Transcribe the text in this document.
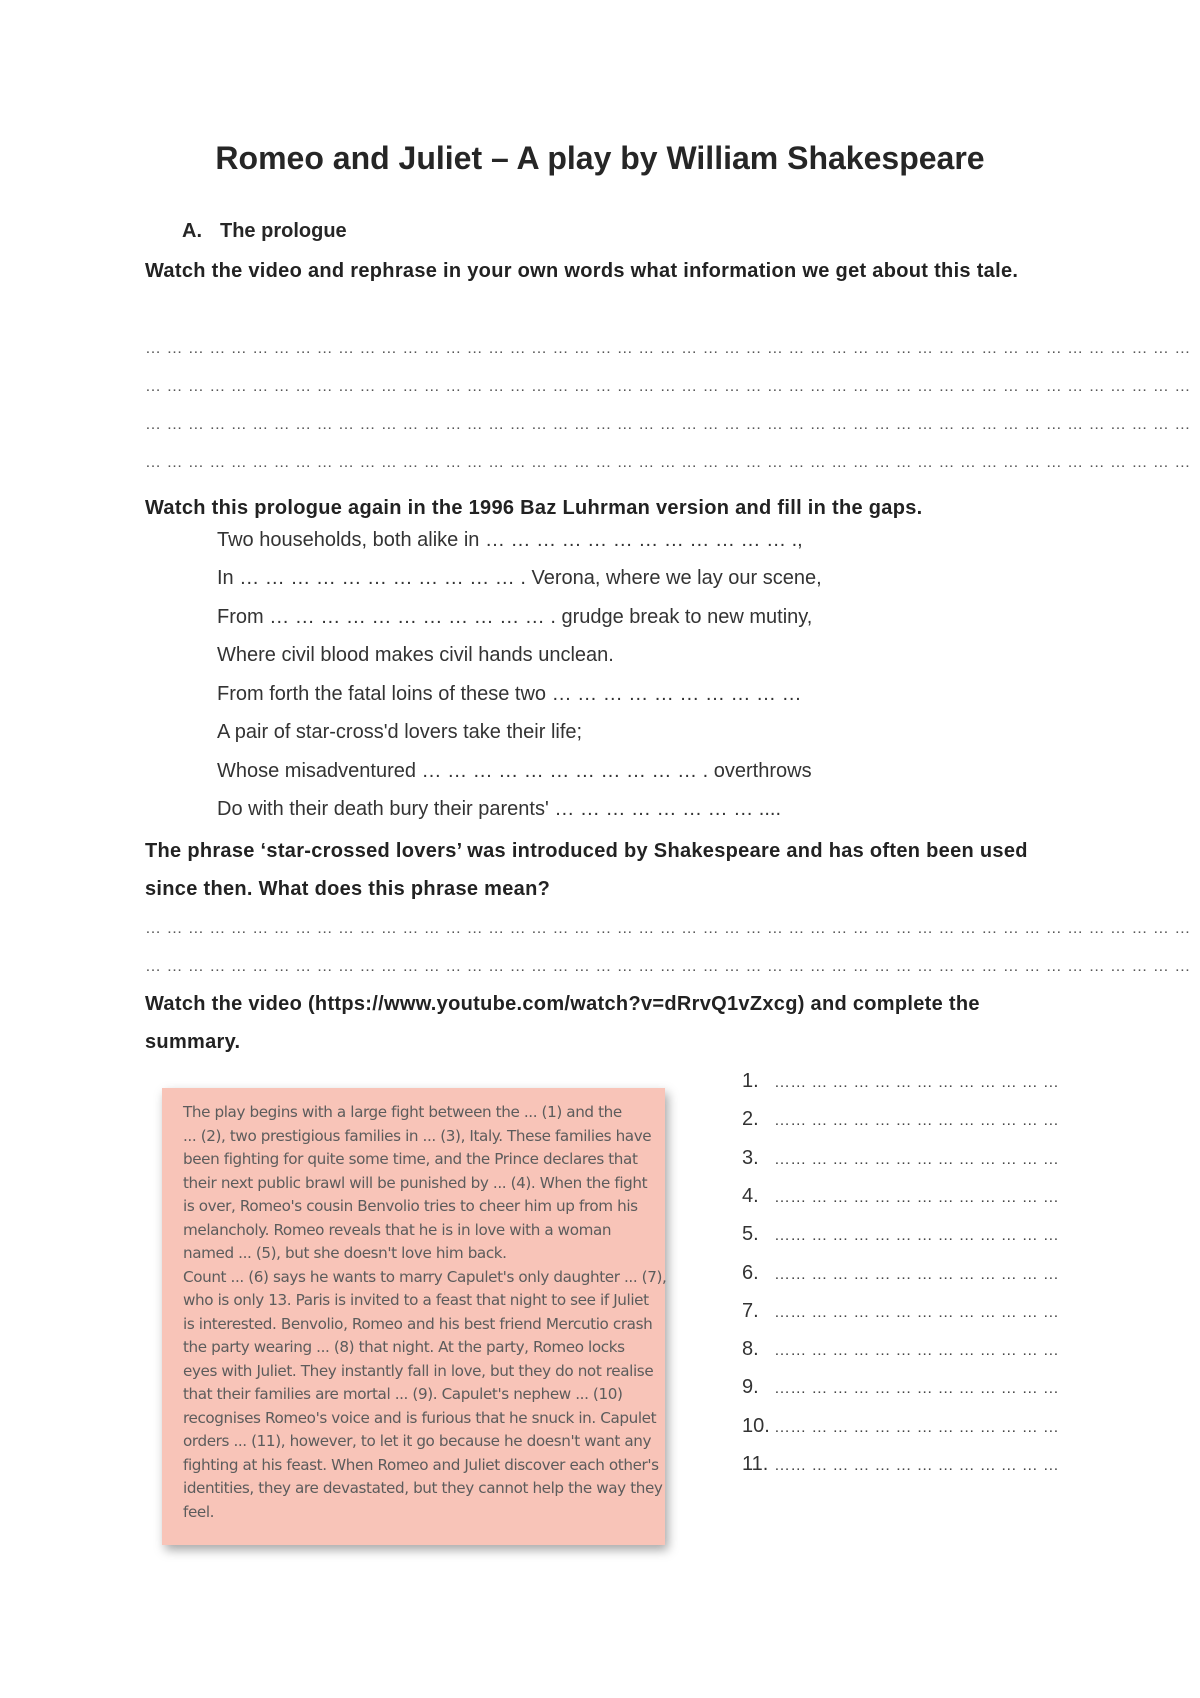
Romeo and Juliet – A play by William Shakespeare
A. The prologue
Watch the video and rephrase in your own words what information we get about this tale.
… … … … … … … … … … … … … … … … … … … … … … … … … … … … … … … … … … … … … … … … … … … … … … … … …
… … … … … … … … … … … … … … … … … … … … … … … … … … … … … … … … … … … … … … … … … … … … … … … … …
… … … … … … … … … … … … … … … … … … … … … … … … … … … … … … … … … … … … … … … … … … … … … … … … …
… … … … … … … … … … … … … … … … … … … … … … … … … … … … … … … … … … … … … … … … … … … … … … … … …
Watch this prologue again in the 1996 Baz Luhrman version and fill in the gaps.
Two households, both alike in … … … … … … … … … … … … .,
In … … … … … … … … … … … . Verona, where we lay our scene,
From … … … … … … … … … … … . grudge break to new mutiny,
Where civil blood makes civil hands unclean.
From forth the fatal loins of these two … … … … … … … … … …
A pair of star-cross'd lovers take their life;
Whose misadventured … … … … … … … … … … … . overthrows
Do with their death bury their parents' … … … … … … … … ....
The phrase ‘star-crossed lovers’ was introduced by Shakespeare and has often been used since then. What does this phrase mean?
… … … … … … … … … … … … … … … … … … … … … … … … … … … … … … … … … … … … … … … … … … … … … … … … …
… … … … … … … … … … … … … … … … … … … … … … … … … … … … … … … … … … … … … … … … … … … … … … … … …
Watch the video (https://www.youtube.com/watch?v=dRrvQ1vZxcg) and complete the summary.
The play begins with a large fight between the ... (1) and the
... (2), two prestigious families in ... (3), Italy. These families have
been fighting for quite some time, and the Prince declares that
their next public brawl will be punished by ... (4). When the fight
is over, Romeo's cousin Benvolio tries to cheer him up from his
melancholy. Romeo reveals that he is in love with a woman
named ... (5), but she doesn't love him back.
Count ... (6) says he wants to marry Capulet's only daughter ... (7),
who is only 13. Paris is invited to a feast that night to see if Juliet
is interested. Benvolio, Romeo and his best friend Mercutio crash
the party wearing ... (8) that night. At the party, Romeo locks
eyes with Juliet. They instantly fall in love, but they do not realise
that their families are mortal ... (9). Capulet's nephew ... (10)
recognises Romeo's voice and is furious that he snuck in. Capulet
orders ... (11), however, to let it go because he doesn't want any
fighting at his feast. When Romeo and Juliet discover each other's
identities, they are devastated, but they cannot help the way they
feel.
1. …… … … … … … … … … … … … …
2. …… … … … … … … … … … … … …
3. …… … … … … … … … … … … … …
4. …… … … … … … … … … … … … …
5. …… … … … … … … … … … … … …
6. …… … … … … … … … … … … … …
7. …… … … … … … … … … … … … …
8. …… … … … … … … … … … … … …
9. …… … … … … … … … … … … … …
10. …… … … … … … … … … … … … …
11. …… … … … … … … … … … … … …
